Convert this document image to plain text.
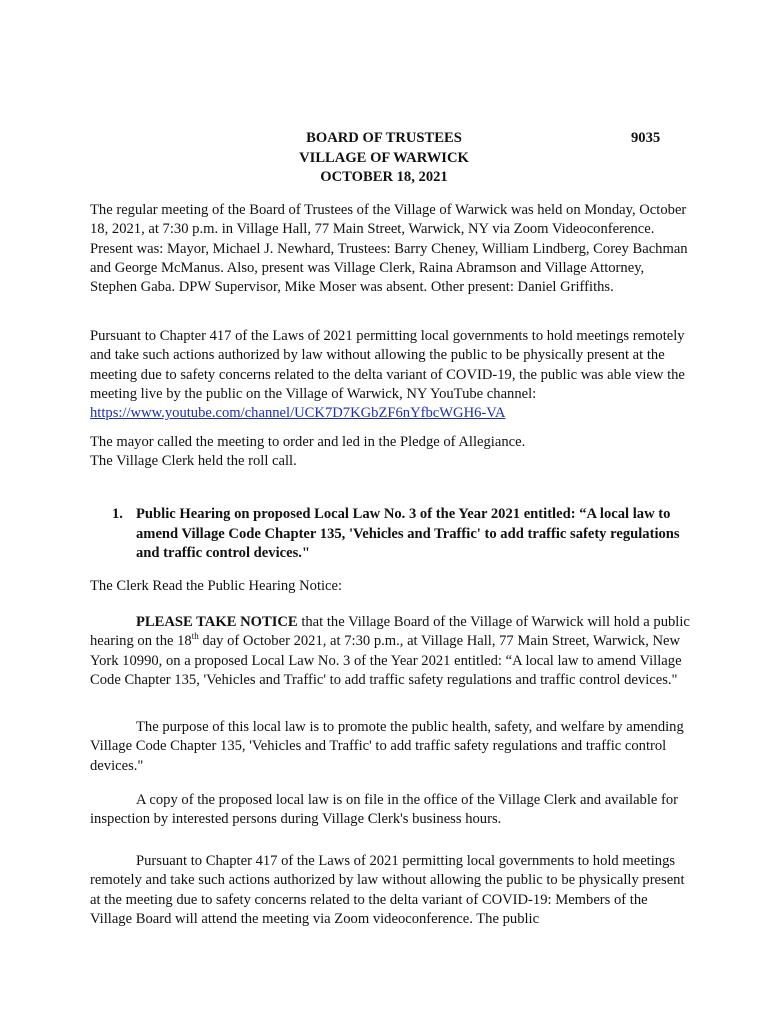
BOARD OF TRUSTEES
VILLAGE OF WARWICK
OCTOBER 18, 2021
9035

The regular meeting of the Board of Trustees of the Village of Warwick was held on Monday, October 18, 2021, at 7:30 p.m. in Village Hall, 77 Main Street, Warwick, NY via Zoom Videoconference. Present was: Mayor, Michael J. Newhard, Trustees: Barry Cheney, William Lindberg, Corey Bachman and George McManus. Also, present was Village Clerk, Raina Abramson and Village Attorney, Stephen Gaba. DPW Supervisor, Mike Moser was absent. Other present: Daniel Griffiths.

Pursuant to Chapter 417 of the Laws of 2021 permitting local governments to hold meetings remotely and take such actions authorized by law without allowing the public to be physically present at the meeting due to safety concerns related to the delta variant of COVID-19, the public was able view the meeting live by the public on the Village of Warwick, NY YouTube channel: https://www.youtube.com/channel/UCK7D7KGbZF6nYfbcWGH6-VA

The mayor called the meeting to order and led in the Pledge of Allegiance.
The Village Clerk held the roll call.

1. Public Hearing on proposed Local Law No. 3 of the Year 2021 entitled: “A local law to amend Village Code Chapter 135, 'Vehicles and Traffic' to add traffic safety regulations and traffic control devices."

The Clerk Read the Public Hearing Notice:

PLEASE TAKE NOTICE that the Village Board of the Village of Warwick will hold a public hearing on the 18th day of October 2021, at 7:30 p.m., at Village Hall, 77 Main Street, Warwick, New York 10990, on a proposed Local Law No. 3 of the Year 2021 entitled: “A local law to amend Village Code Chapter 135, 'Vehicles and Traffic' to add traffic safety regulations and traffic control devices."

The purpose of this local law is to promote the public health, safety, and welfare by amending Village Code Chapter 135, 'Vehicles and Traffic' to add traffic safety regulations and traffic control devices."

A copy of the proposed local law is on file in the office of the Village Clerk and available for inspection by interested persons during Village Clerk's business hours.

Pursuant to Chapter 417 of the Laws of 2021 permitting local governments to hold meetings remotely and take such actions authorized by law without allowing the public to be physically present at the meeting due to safety concerns related to the delta variant of COVID-19: Members of the Village Board will attend the meeting via Zoom videoconference. The public
